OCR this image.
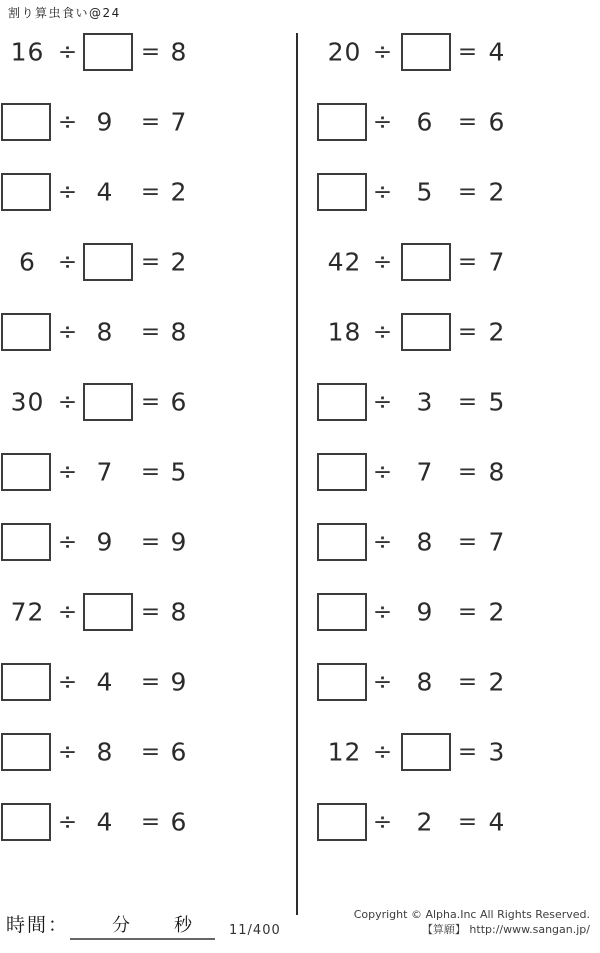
割り算虫食い@24
16 ÷	= 8
÷ 9 = 7
÷ 4 = 2
6 ÷	= 2
÷ 8 = 8
30 ÷	= 6
÷ 7 = 5
÷ 9 = 9
72 ÷	= 8
÷ 4 = 9
÷ 8 = 6
÷ 4 = 6
20 ÷	= 4
÷ 6 = 6
÷ 5 = 2
42 ÷	= 7
18 ÷	= 2
÷ 3 = 5
÷ 7 = 8
÷ 8 = 7
÷ 9 = 2
÷ 8 = 2
12 ÷	= 3
÷ 2 = 4
時間：	分 秒	11/400
Copyright © Alpha.Inc All Rights Reserved.
【算願】 http://www.sangan.jp/
